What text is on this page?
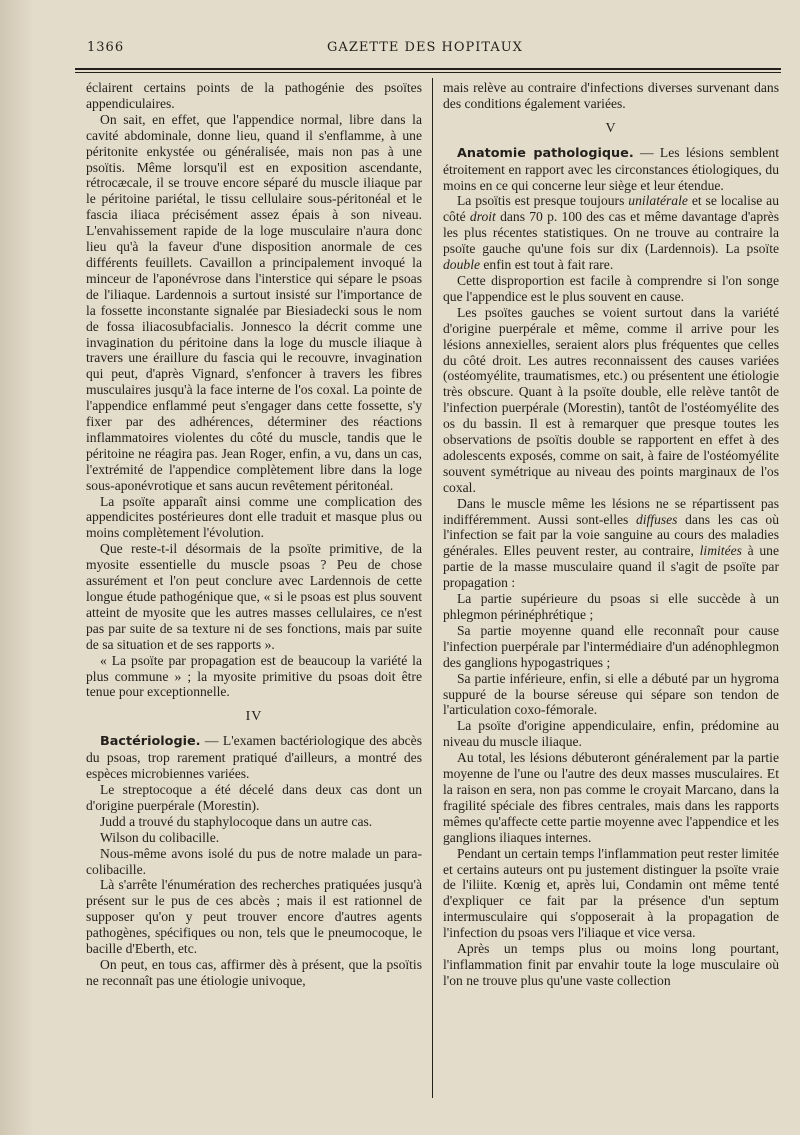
1366	GAZETTE DES HOPITAUX

éclairent certains points de la pathogénie des psoïtes appendiculaires.

On sait, en effet, que l'appendice normal, libre dans la cavité abdominale, donne lieu, quand il s'enflamme, à une péritonite enkystée ou généralisée, mais non pas à une psoïtis. Même lorsqu'il est en exposition ascendante, rétrocæcale, il se trouve encore séparé du muscle iliaque par le péritoine pariétal, le tissu cellulaire sous-péritonéal et le fascia iliaca précisément assez épais à son niveau. L'envahissement rapide de la loge musculaire n'aura donc lieu qu'à la faveur d'une disposition anormale de ces différents feuillets. Cavaillon a principalement invoqué la minceur de l'aponévrose dans l'interstice qui sépare le psoas de l'iliaque. Lardennois a surtout insisté sur l'importance de la fossette inconstante signalée par Biesiadecki sous le nom de fossa iliacosubfacialis. Jonnesco la décrit comme une invagination du péritoine dans la loge du muscle iliaque à travers une éraillure du fascia qui le recouvre, invagination qui peut, d'après Vignard, s'enfoncer à travers les fibres musculaires jusqu'à la face interne de l'os coxal. La pointe de l'appendice enflammé peut s'engager dans cette fossette, s'y fixer par des adhérences, déterminer des réactions inflammatoires violentes du côté du muscle, tandis que le péritoine ne réagira pas. Jean Roger, enfin, a vu, dans un cas, l'extrémité de l'appendice complètement libre dans la loge sous-aponévrotique et sans aucun revêtement péritonéal.

La psoïte apparaît ainsi comme une complication des appendicites postérieures dont elle traduit et masque plus ou moins complètement l'évolution.

Que reste-t-il désormais de la psoïte primitive, de la myosite essentielle du muscle psoas ? Peu de chose assurément et l'on peut conclure avec Lardennois de cette longue étude pathogénique que, « si le psoas est plus souvent atteint de myosite que les autres masses cellulaires, ce n'est pas par suite de sa texture ni de ses fonctions, mais par suite de sa situation et de ses rapports ».

« La psoïte par propagation est de beaucoup la variété la plus commune » ; la myosite primitive du psoas doit être tenue pour exceptionnelle.

IV

Bactériologie. — L'examen bactériologique des abcès du psoas, trop rarement pratiqué d'ailleurs, a montré des espèces microbiennes variées.

Le streptocoque a été décelé dans deux cas dont un d'origine puerpérale (Morestin).

Judd a trouvé du staphylocoque dans un autre cas.

Wilson du colibacille.

Nous-même avons isolé du pus de notre malade un para-colibacille.

Là s'arrête l'énumération des recherches pratiquées jusqu'à présent sur le pus de ces abcès ; mais il est rationnel de supposer qu'on y peut trouver encore d'autres agents pathogènes, spécifiques ou non, tels que le pneumocoque, le bacille d'Eberth, etc.

On peut, en tous cas, affirmer dès à présent, que la psoïtis ne reconnaît pas une étiologie univoque,

mais relève au contraire d'infections diverses survenant dans des conditions également variées.

V

Anatomie pathologique. — Les lésions semblent étroitement en rapport avec les circonstances étiologiques, du moins en ce qui concerne leur siège et leur étendue.

La psoïtis est presque toujours unilatérale et se localise au côté droit dans 70 p. 100 des cas et même davantage d'après les plus récentes statistiques. On ne trouve au contraire la psoïte gauche qu'une fois sur dix (Lardennois). La psoïte double enfin est tout à fait rare.

Cette disproportion est facile à comprendre si l'on songe que l'appendice est le plus souvent en cause.

Les psoïtes gauches se voient surtout dans la variété d'origine puerpérale et même, comme il arrive pour les lésions annexielles, seraient alors plus fréquentes que celles du côté droit. Les autres reconnaissent des causes variées (ostéomyélite, traumatismes, etc.) ou présentent une étiologie très obscure. Quant à la psoïte double, elle relève tantôt de l'infection puerpérale (Morestin), tantôt de l'ostéomyélite des os du bassin. Il est à remarquer que presque toutes les observations de psoïtis double se rapportent en effet à des adolescents exposés, comme on sait, à faire de l'ostéomyélite souvent symétrique au niveau des points marginaux de l'os coxal.

Dans le muscle même les lésions ne se répartissent pas indifféremment. Aussi sont-elles diffuses dans les cas où l'infection se fait par la voie sanguine au cours des maladies générales. Elles peuvent rester, au contraire, limitées à une partie de la masse musculaire quand il s'agit de psoïte par propagation :

La partie supérieure du psoas si elle succède à un phlegmon périnéphrétique ;

Sa partie moyenne quand elle reconnaît pour cause l'infection puerpérale par l'intermédiaire d'un adénophlegmon des ganglions hypogastriques ;

Sa partie inférieure, enfin, si elle a débuté par un hygroma suppuré de la bourse séreuse qui sépare son tendon de l'articulation coxo-fémorale.

La psoïte d'origine appendiculaire, enfin, prédomine au niveau du muscle iliaque.

Au total, les lésions débuteront généralement par la partie moyenne de l'une ou l'autre des deux masses musculaires. Et la raison en sera, non pas comme le croyait Marcano, dans la fragilité spéciale des fibres centrales, mais dans les rapports mêmes qu'affecte cette partie moyenne avec l'appendice et les ganglions iliaques internes.

Pendant un certain temps l'inflammation peut rester limitée et certains auteurs ont pu justement distinguer la psoïte vraie de l'iliite. Kœnig et, après lui, Condamin ont même tenté d'expliquer ce fait par la présence d'un septum intermusculaire qui s'opposerait à la propagation de l'infection du psoas vers l'iliaque et vice versa.

Après un temps plus ou moins long pourtant, l'inflammation finit par envahir toute la loge musculaire où l'on ne trouve plus qu'une vaste collection
